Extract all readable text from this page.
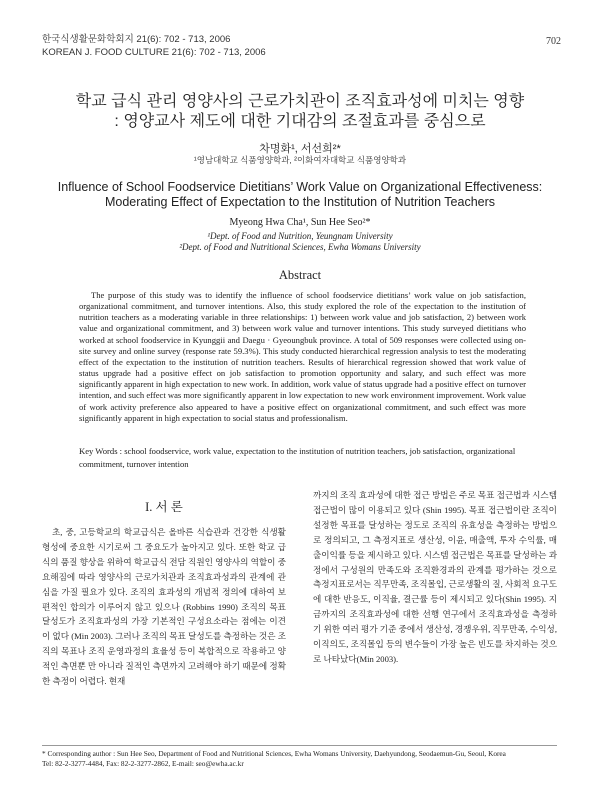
한국식생활문화학회지 21(6): 702 - 713, 2006
KOREAN J. FOOD CULTURE 21(6): 702 - 713, 2006
702
학교 급식 관리 영양사의 근로가치관이 조직효과성에 미치는 영향
: 영양교사 제도에 대한 기대감의 조절효과를 중심으로
차명화¹, 서선희²*
¹영남대학교 식품영양학과, ²이화여자대학교 식품영양학과
Influence of School Foodservice Dietitians’ Work Value on Organizational Effectiveness:
Moderating Effect of Expectation to the Institution of Nutrition Teachers
Myeong Hwa Cha¹, Sun Hee Seo²*
¹Dept. of Food and Nutrition, Yeungnam University
²Dept. of Food and Nutritional Sciences, Ewha Womans University
Abstract

The purpose of this study was to identify the influence of school foodservice dietitians’ work value on job satisfaction, organizational commitment, and turnover intentions. Also, this study explored the role of the expectation to the institution of nutrition teachers as a moderating variable in three relationships: 1) between work value and job satisfaction, 2) between work value and organizational commitment, and 3) between work value and turnover intentions. This study surveyed dietitians who worked at school foodservice in Kyunggii and Daegu · Gyeoungbuk province. A total of 509 responses were collected using on-site survey and online survey (response rate 59.3%). This study conducted hierarchical regression analysis to test the moderating effect of the expectation to the institution of nutrition teachers. Results of hierarchical regression showed that work value of status upgrade had a positive effect on job satisfaction to promotion opportunity and salary, and such effect was more significantly apparent in high expectation to new work. In addition, work value of status upgrade had a positive effect on turnover intention, and such effect was more significantly apparent in low expectation to new work environment improvement. Work value of work activity preference also appeared to have a positive effect on organizational commitment, and such effect was more significantly apparent in high expectation to social status and professionalism.

Key Words : school foodservice, work value, expectation to the institution of nutrition teachers, job satisfaction, organizational commitment, turnover intention

I. 서 론

초, 중, 고등학교의 학교급식은 올바른 식습관과 건강한 식생활 형성에 중요한 시기로써 그 중요도가 높아지고 있다. 또한 학교 급식의 품질 향상을 위하여 학교급식 전담 직원인 영양사의 역할이 중요해짐에 따라 영양사의 근로가치관과 조직효과성과의 관계에 관심을 가질 필요가 있다. 조직의 효과성의 개념적 정의에 대하여 보편적인 합의가 이루어지 않고 있으나 (Robbins 1990) 조직의 목표 달성도가 조직효과성의 가장 기본적인 구성요소라는 점에는 이견이 없다 (Min 2003). 그러나 조직의 목표 달성도를 측정하는 것은 조직의 목표나 조직 운영과정의 효율성 등이 복합적으로 작용하고 양적인 측면뿐 만 아니라 질적인 측면까지 고려해야 하기 때문에 정확한 측정이 어렵다. 현재

까지의 조직 효과성에 대한 접근 방법은 주로 목표 접근법과 시스템 접근법이 많이 이용되고 있다 (Shin 1995). 목표 접근법이란 조직이 설정한 목표를 달성하는 정도로 조직의 유효성을 측정하는 방법으로 정의되고, 그 측정지표로 생산성, 이윤, 매출액, 투자 수익률, 매출이익률 등을 제시하고 있다. 시스템 접근법은 목표를 달성하는 과정에서 구성원의 만족도와 조직환경과의 관계를 평가하는 것으로 측정지표로서는 직무만족, 조직몰입, 근로생활의 질, 사회적 요구도에 대한 반응도, 이직율, 결근률 등이 제시되고 있다(Shin 1995). 지금까지의 조직효과성에 대한 선행 연구에서 조직효과성을 측정하기 위한 여러 평가 기준 중에서 생산성, 경쟁우위, 직무만족, 수익성, 이직의도, 조직몰입 등의 변수들이 가장 높은 빈도를 차지하는 것으로 나타났다(Min 2003).

* Corresponding author : Sun Hee Seo, Department of Food and Nutritional Sciences, Ewha Womans University, Daehyundong, Seodaemun-Gu, Seoul, Korea
Tel: 82-2-3277-4484, Fax: 82-2-3277-2862, E-mail: seo@ewha.ac.kr
